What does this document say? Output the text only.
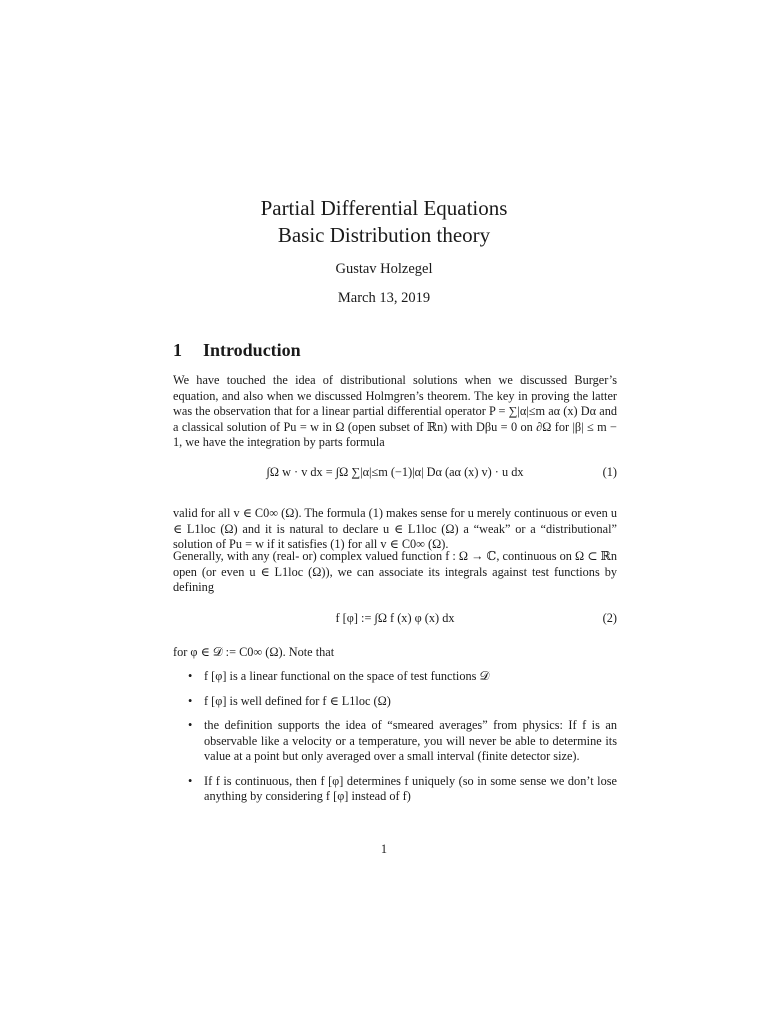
Partial Differential Equations
Basic Distribution theory
Gustav Holzegel
March 13, 2019
1 Introduction
We have touched the idea of distributional solutions when we discussed Burger’s equation, and also when we discussed Holmgren’s theorem. The key in proving the latter was the observation that for a linear partial differential operator P = ∑|α|≤m aα (x) Dα and a classical solution of Pu = w in Ω (open subset of ℝn) with Dβu = 0 on ∂Ω for |β| ≤ m − 1, we have the integration by parts formula
∫Ω w · v dx = ∫Ω ∑|α|≤m (−1)|α| Dα (aα (x) v) · u dx	(1)
valid for all v ∈ C0∞ (Ω). The formula (1) makes sense for u merely continuous or even u ∈ L1loc (Ω) and it is natural to declare u ∈ L1loc (Ω) a “weak” or a “distributional” solution of Pu = w if it satisfies (1) for all v ∈ C0∞ (Ω).
Generally, with any (real- or) complex valued function f : Ω → ℂ, continuous on Ω ⊂ ℝn open (or even u ∈ L1loc (Ω)), we can associate its integrals against test functions by defining
f [φ] := ∫Ω f (x) φ (x) dx	(2)
for φ ∈ 𝒟 := C0∞ (Ω). Note that
• f [φ] is a linear functional on the space of test functions 𝒟
• f [φ] is well defined for f ∈ L1loc (Ω)
• the definition supports the idea of “smeared averages” from physics: If f is an observable like a velocity or a temperature, you will never be able to determine its value at a point but only averaged over a small interval (finite detector size).
• If f is continuous, then f [φ] determines f uniquely (so in some sense we don’t lose anything by considering f [φ] instead of f)
1
